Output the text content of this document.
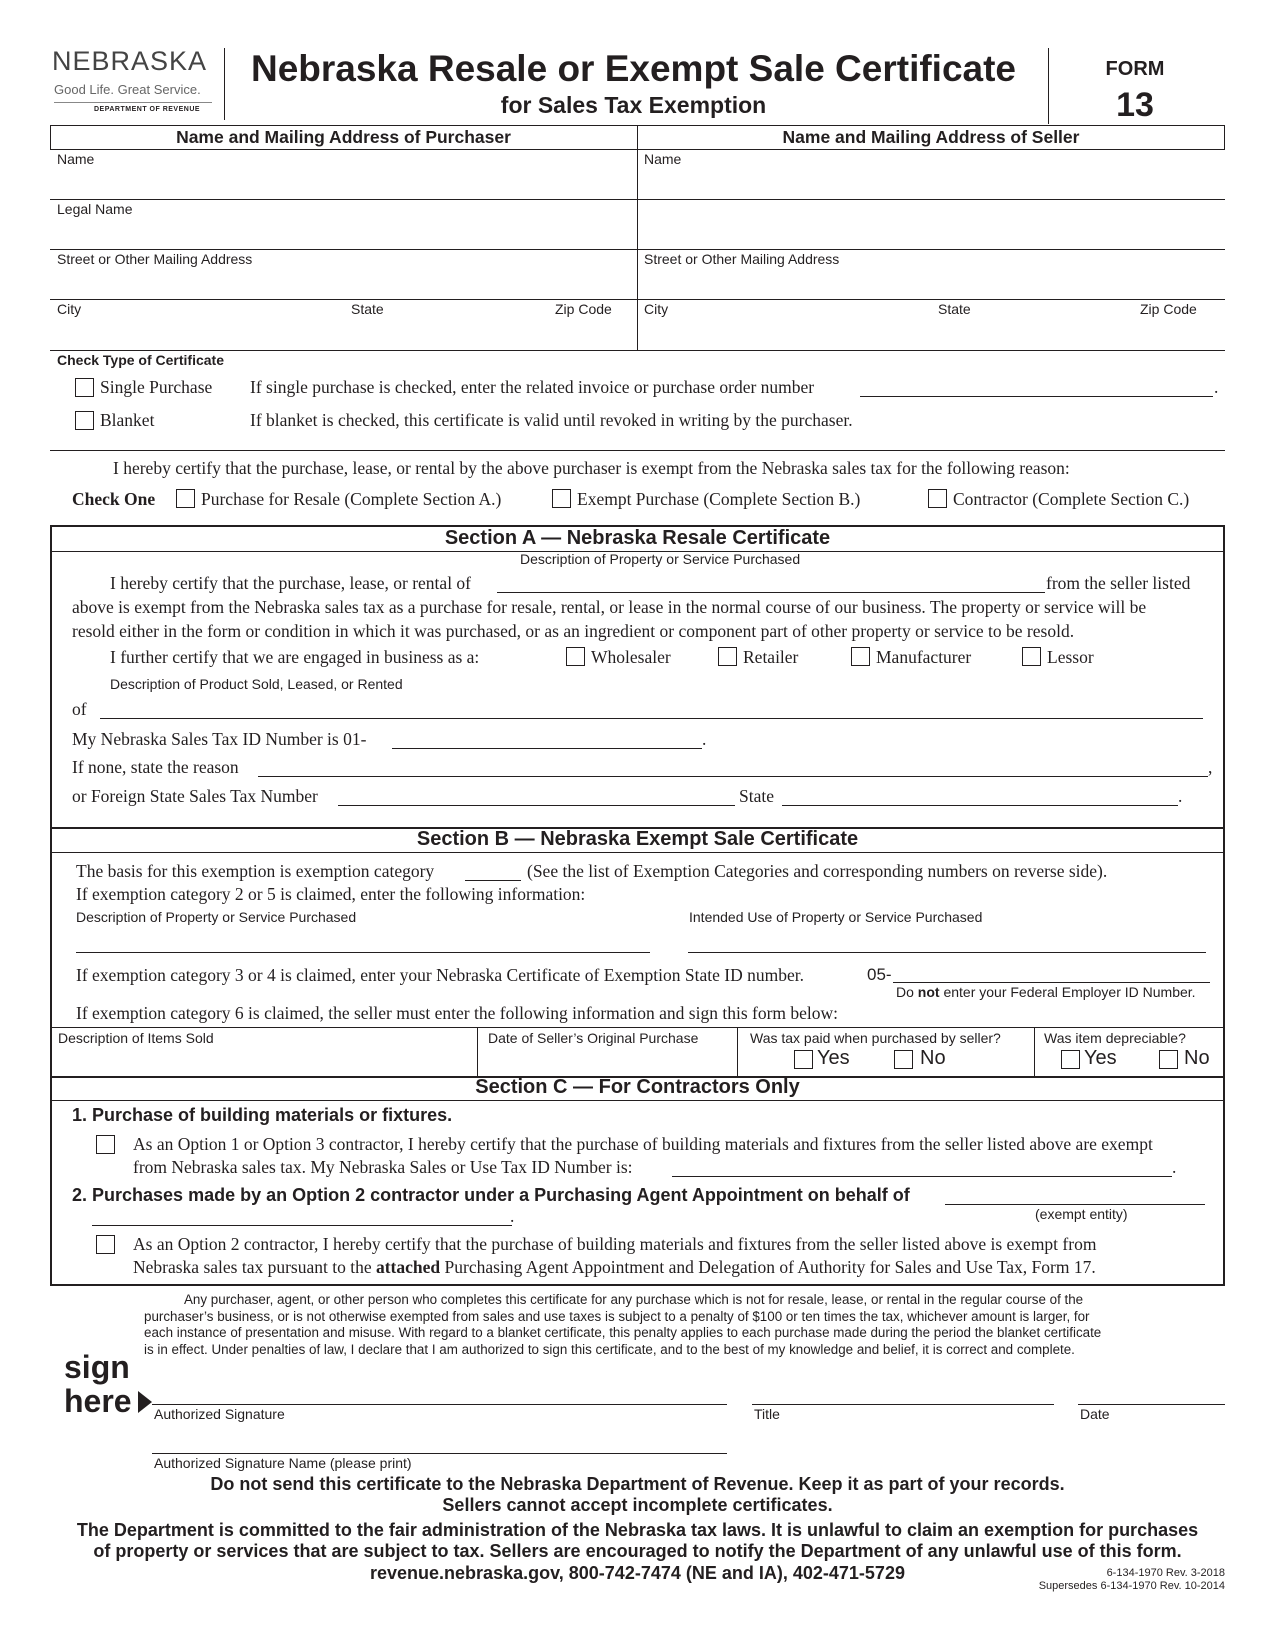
NEBRASKA
Good Life. Great Service.
DEPARTMENT OF REVENUE
Nebraska Resale or Exempt Sale Certificate
for Sales Tax Exemption
FORM
13
Name and Mailing Address of Purchaser	Name and Mailing Address of Seller
Name	Name
Legal Name
Street or Other Mailing Address	Street or Other Mailing Address
City	State	Zip Code City	State	Zip Code
Check Type of Certificate
Single Purchase If single purchase is checked, enter the related invoice or purchase order number	.
Blanket	If blanket is checked, this certificate is valid until revoked in writing by the purchaser.
I hereby certify that the purchase, lease, or rental by the above purchaser is exempt from the Nebraska sales tax for the following reason:
Check One	Purchase for Resale (Complete Section A.)	Exempt Purchase (Complete Section B.)	Contractor (Complete Section C.)
Section A — Nebraska Resale Certificate
Description of Property or Service Purchased
I hereby certify that the purchase, lease, or rental of	from the seller listed
above is exempt from the Nebraska sales tax as a purchase for resale, rental, or lease in the normal course of our business. The property or service will be
resold either in the form or condition in which it was purchased, or as an ingredient or component part of other property or service to be resold.
I further certify that we are engaged in business as a:	Wholesaler	Retailer	Manufacturer	Lessor
Description of Product Sold, Leased, or Rented
of
My Nebraska Sales Tax ID Number is 01-	.
If none, state the reason	,
or Foreign State Sales Tax Number	State	.
Section B — Nebraska Exempt Sale Certificate
The basis for this exemption is exemption category	(See the list of Exemption Categories and corresponding numbers on reverse side).
If exemption category 2 or 5 is claimed, enter the following information:
Description of Property or Service Purchased	Intended Use of Property or Service Purchased
If exemption category 3 or 4 is claimed, enter your Nebraska Certificate of Exemption State ID number.	05-
Do not enter your Federal Employer ID Number.
If exemption category 6 is claimed, the seller must enter the following information and sign this form below:
Description of Items Sold	Date of Seller’s Original Purchase	Was tax paid when purchased by seller?
Yes	No
Was item depreciable?
Yes	No
Section C — For Contractors Only
1. Purchase of building materials or fixtures.
As an Option 1 or Option 3 contractor, I hereby certify that the purchase of building materials and fixtures from the seller listed above are exempt
from Nebraska sales tax. My Nebraska Sales or Use Tax ID Number is:	.
2. Purchases made by an Option 2 contractor under a Purchasing Agent Appointment on behalf of
(exempt entity)
.
As an Option 2 contractor, I hereby certify that the purchase of building materials and fixtures from the seller listed above is exempt from
Nebraska sales tax pursuant to the attached Purchasing Agent Appointment and Delegation of Authority for Sales and Use Tax, Form 17.
Any purchaser, agent, or other person who completes this certificate for any purchase which is not for resale, lease, or rental in the regular course of the
purchaser’s business, or is not otherwise exempted from sales and use taxes is subject to a penalty of $100 or ten times the tax, whichever amount is larger, for
each instance of presentation and misuse. With regard to a blanket certificate, this penalty applies to each purchase made during the period the blanket certificate
is in effect. Under penalties of law, I declare that I am authorized to sign this certificate, and to the best of my knowledge and belief, it is correct and complete.
sign
here Authorized Signature	Title	Date
Authorized Signature Name (please print)
Do not send this certificate to the Nebraska Department of Revenue. Keep it as part of your records.
Sellers cannot accept incomplete certificates.
The Department is committed to the fair administration of the Nebraska tax laws. It is unlawful to claim an exemption for purchases
of property or services that are subject to tax. Sellers are encouraged to notify the Department of any unlawful use of this form.
revenue.nebraska.gov, 800-742-7474 (NE and IA), 402-471-5729	6-134-1970 Rev. 3-2018
Supersedes 6-134-1970 Rev. 10-2014
